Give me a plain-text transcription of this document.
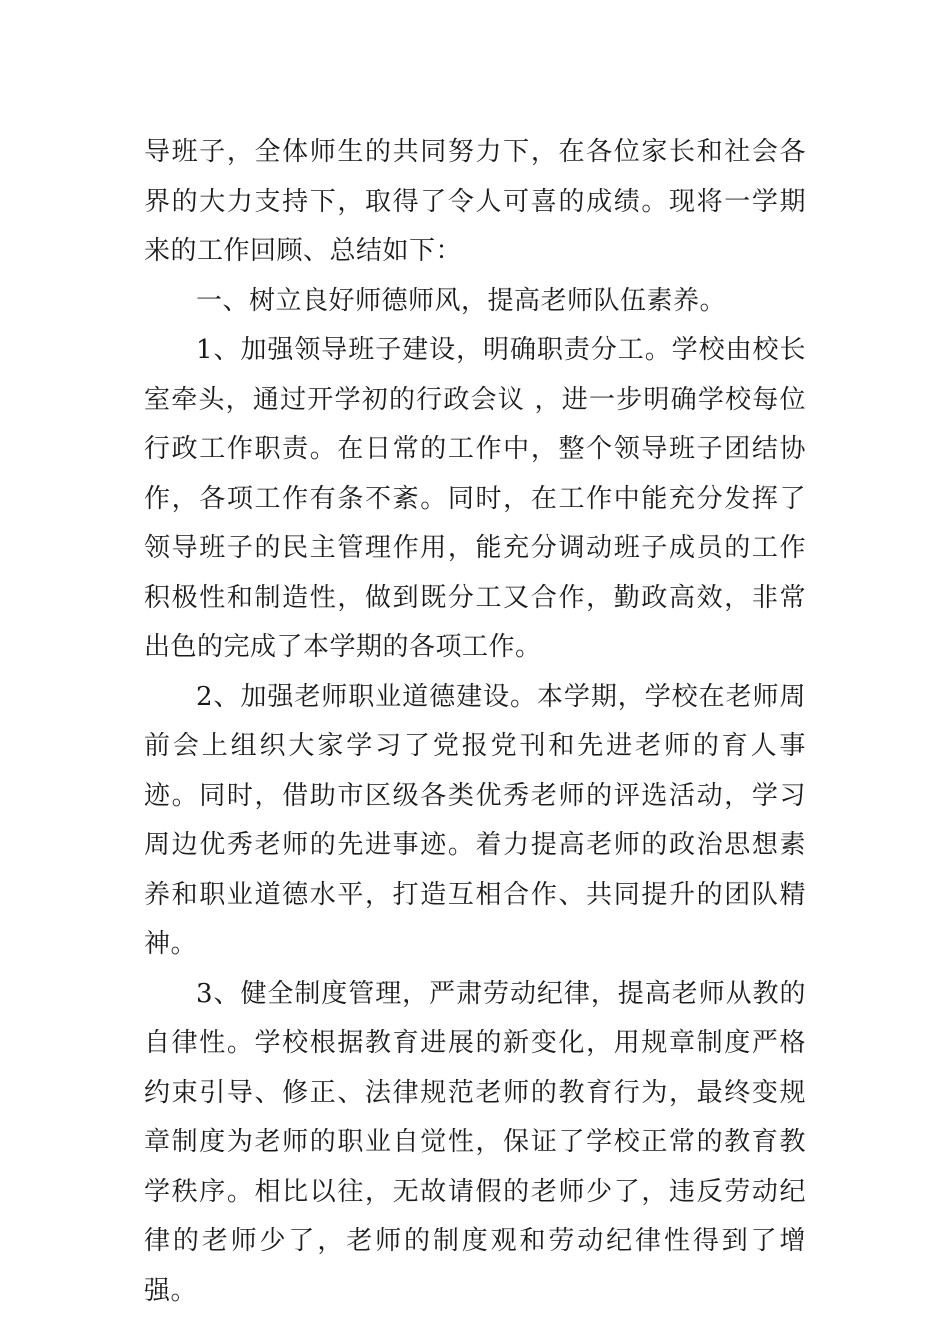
导班子，全体师生的共同努力下，在各位家长和社会各界的大力支持下，取得了令人可喜的成绩。现将一学期来的工作回顾、总结如下：

一、树立良好师德师风，提高老师队伍素养。

1、加强领导班子建设，明确职责分工。学校由校长室牵头，通过开学初的行政会议 ，进一步明确学校每位行政工作职责。在日常的工作中，整个领导班子团结协作，各项工作有条不紊。同时，在工作中能充分发挥了领导班子的民主管理作用，能充分调动班子成员的工作积极性和制造性，做到既分工又合作，勤政高效，非常出色的完成了本学期的各项工作。

2、加强老师职业道德建设。本学期，学校在老师周前会上组织大家学习了党报党刊和先进老师的育人事迹。同时，借助市区级各类优秀老师的评选活动，学习周边优秀老师的先进事迹。着力提高老师的政治思想素养和职业道德水平，打造互相合作、共同提升的团队精神。

3、健全制度管理，严肃劳动纪律，提高老师从教的自律性。学校根据教育进展的新变化，用规章制度严格约束引导、修正、法律规范老师的教育行为，最终变规章制度为老师的职业自觉性，保证了学校正常的教育教学秩序。相比以往，无故请假的老师少了，违反劳动纪律的老师少了，老师的制度观和劳动纪律性得到了增强。
